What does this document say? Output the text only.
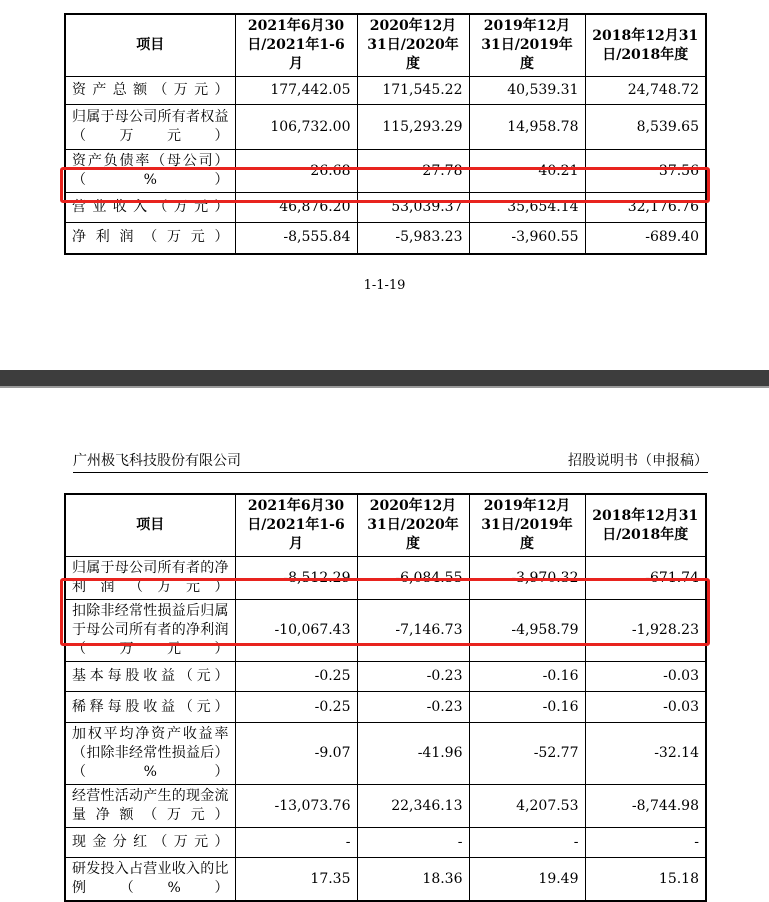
项目	2021年6月30日/2021年1-6月	2020年12月31日/2020年度	2019年12月31日/2019年度	2018年12月31日/2018年度
资产总额（万元）	177,442.05	171,545.22	40,539.31	24,748.72
归属于母公司所有者权益（万元）	106,732.00	115,293.29	14,958.78	8,539.65
资产负债率（母公司）（%）	26.68	27.78	40.21	37.56
营业收入（万元）	46,876.20	53,039.37	35,654.14	32,176.76
净利润（万元）	-8,555.84	-5,983.23	-3,960.55	-689.40
1-1-19
广州极飞科技股份有限公司	招股说明书（申报稿）
项目	2021年6月30日/2021年1-6月	2020年12月31日/2020年度	2019年12月31日/2019年度	2018年12月31日/2018年度
归属于母公司所有者的净利润（万元）	-8,512.29	-6,084.55	-3,970.32	-671.74
扣除非经常性损益后归属于母公司所有者的净利润（万元）	-10,067.43	-7,146.73	-4,958.79	-1,928.23
基本每股收益（元）	-0.25	-0.23	-0.16	-0.03
稀释每股收益（元）	-0.25	-0.23	-0.16	-0.03
加权平均净资产收益率（扣除非经常性损益后）（%）	-9.07	-41.96	-52.77	-32.14
经营性活动产生的现金流量净额（万元）	-13,073.76	22,346.13	4,207.53	-8,744.98
现金分红（万元）	-	-	-	-
研发投入占营业收入的比例（%）	17.35	18.36	19.49	15.18
